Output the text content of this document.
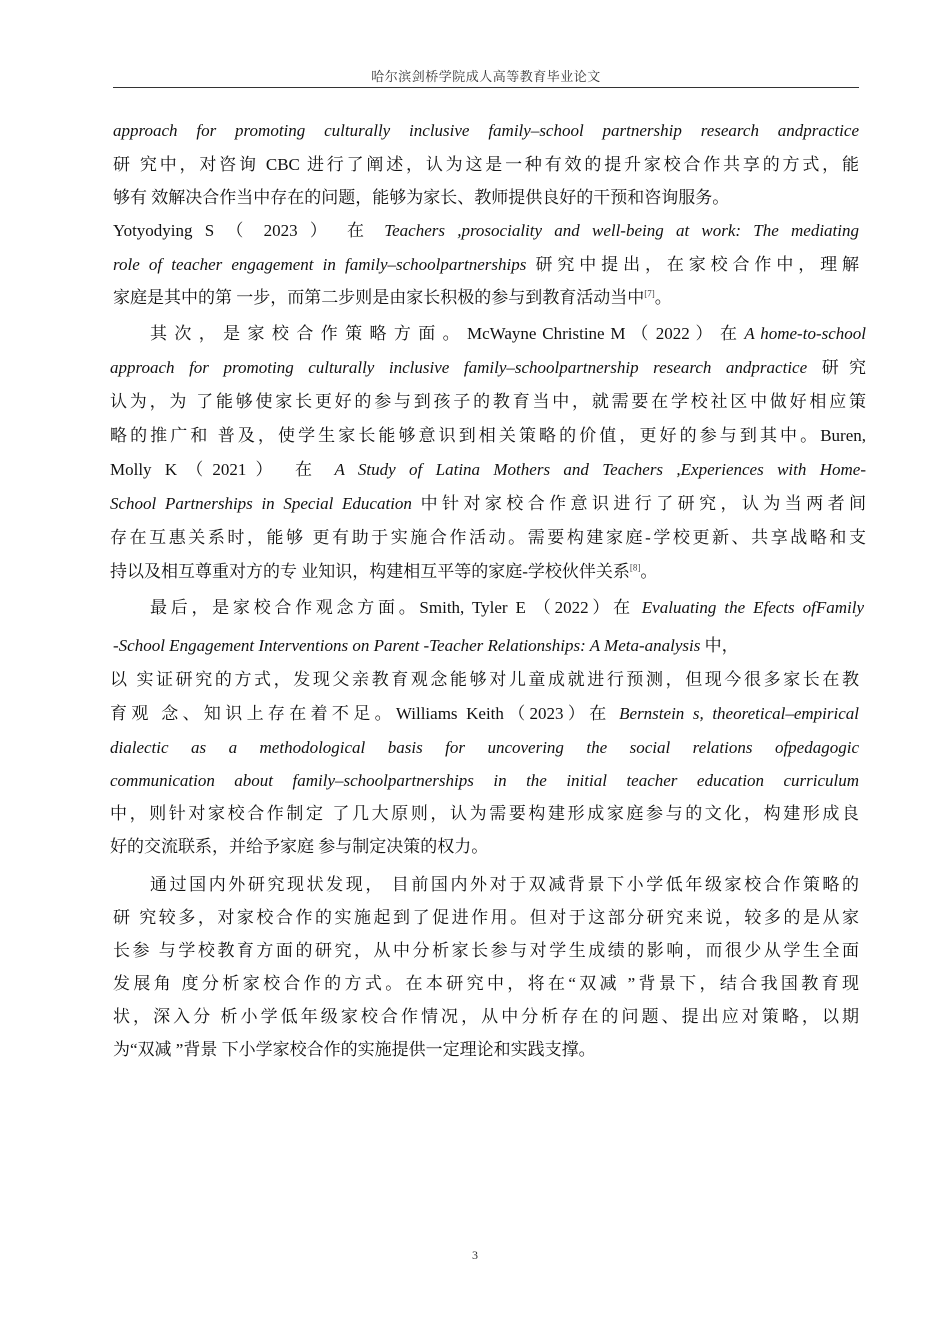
哈尔滨剑桥学院成人高等教育毕业论文
approach for promoting culturally inclusive family–school partnership research andpractice
研 究中，对咨询 CBC 进行了阐述，认为这是一种有效的提升家校合作共享的方式，能
够有 效解决合作当中存在的问题，能够为家长、教师提供良好的干预和咨询服务。
Yotyodying S （ 2023 ） 在 Teachers ,prosociality and well-being at work: The mediating
role of teacher engagement in family–schoolpartnerships 研究中提出，在家校合作中，理解
家庭是其中的第 一步，而第二步则是由家长积极的参与到教育活动当中[7]。
其 次 ， 是 家 校 合 作 策 略 方 面 。 McWayne Christine M （ 2022 ） 在 A home-to-school
approach for promoting culturally inclusive family–schoolpartnership research andpractice 研究
认为，为 了能够使家长更好的参与到孩子的教育当中，就需要在学校社区中做好相应策
略的推广和 普及，使学生家长能够意识到相关策略的价值，更好的参与到其中。Buren,
Molly K（2021） 在 A Study of Latina Mothers and Teachers ,Experiences with Home-
School Partnerships in Special Education 中针对家校合作意识进行了研究，认为当两者间
存在互惠关系时，能够 更有助于实施合作活动。需要构建家庭-学校更新、共享战略和支
持以及相互尊重对方的专 业知识，构建相互平等的家庭-学校伙伴关系[8]。
最后，是家校合作观念方面。Smith, Tyler E （2022）在 Evaluating the Efects ofFamily
-School Engagement Interventions on Parent -Teacher Relationships: A Meta-analysis 中，
以 实证研究的方式，发现父亲教育观念能够对儿童成就进行预测，但现今很多家长在教
育观 念、知识上存在着不足。Williams Keith（2023）在 Bernstein s, theoretical–empirical
dialectic as a methodological basis for uncovering the social relations ofpedagogic
communication about family–schoolpartnerships in the initial teacher education curriculum
中，则针对家校合作制定 了几大原则，认为需要构建形成家庭参与的文化，构建形成良
好的交流联系，并给予家庭 参与制定决策的权力。
通过国内外研究现状发现， 目前国内外对于双减背景下小学低年级家校合作策略的
研 究较多，对家校合作的实施起到了促进作用。但对于这部分研究来说，较多的是从家
长参 与学校教育方面的研究，从中分析家长参与对学生成绩的影响，而很少从学生全面
发展角 度分析家校合作的方式。在本研究中，将在“双减 ”背景下，结合我国教育现
状，深入分 析小学低年级家校合作情况，从中分析存在的问题、提出应对策略，以期
为“双减 ”背景 下小学家校合作的实施提供一定理论和实践支撑。
3
